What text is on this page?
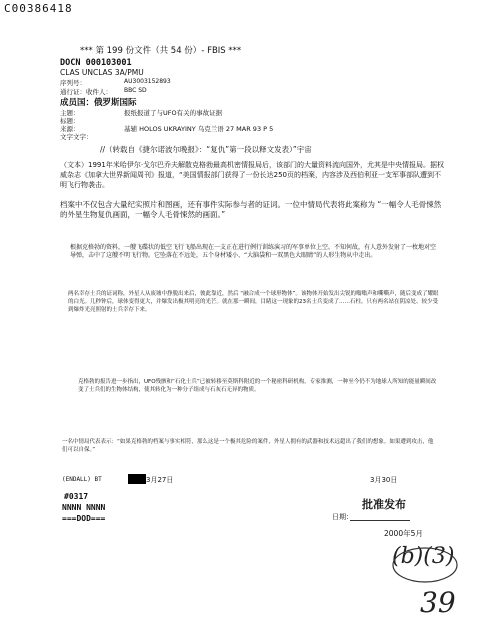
C00386418
*** 第 199 份文件（共 54 份）- FBIS ***
DOCN 000103001
CLAS UNCLAS 3A/PMU
序列号：	AU3003152893
通行证：收件人： BBC SD
成员国：俄罗斯国际
主题：	报纸报道了与UFO有关的事故证据
标题：
来源：	基辅 HOLOS UKRAYINY 乌克兰语 27 MAR 93 P 5
文字文字：
//（转载自《捷尔诺波尔晚报》：“复仇”第一段以释文发表）”宇宙
（文本）1991年米哈伊尔·戈尔巴乔夫解散克格勃最高机密情报局后，该部门的大量资料流向国外，尤其是中央情报局。据权威杂志《加拿大世界新闻周刊》报道，“美国情报部门获得了一份长达250页的档案，内容涉及西伯利亚一支军事部队遭到不明飞行物袭击。
档案中不仅包含大量纪实照片和图画，还有事件实际参与者的证词。一位中情局代表将此案称为 “一幅令人毛骨悚然的外星生物复仇画面，一幅令人毛骨悚然的画面。”
根据克格勃的资料，一艘飞碟状的低空飞行飞船出现在一支正在进行例行训练演习的军事单位上空。不知何故，有人意外发射了一枚地对空导弹，击中了这艘不明飞行物。它坠落在不远处，五个身材矮小、“大脑袋和一双黑色大眼睛”的人形生物从中走出。
两名幸存士兵的证词称，外星人从废墟中挣脱出来后，彼此靠近，然后 “融合成一个球形物体”。该物体开始发出尖锐的嗡嗡声和嘶嘶声，随后变成了耀眼的白光。几秒钟后，球体变得更大，并爆发出极其明亮的光芒。就在那一瞬间，目睹这一现象的23名士兵变成了……石柱。只有两名站在阴凉处、较少受到爆炸光亮照射的士兵幸存下来。
克格勃的报告进一步指出，UFO残骸和“石化士兵”已被转移至莫斯科附近的一个秘密科研机构。专家推测，一种至今仍不为地球人所知的能量瞬间改变了士兵们的生物体结构，使其转化为一种分子组成与石灰石无异的物质。
一名中情局代表表示：“如果克格勃的档案与事实相符，那么这是一个极其危险的案件，外星人拥有的武器和技术远超出了我们的想象。如果遭到攻击，他们可以自保。”
(ENDALL) BT	3月27日	3月30日
#0317
NNNN NNNN
===DOD===
批准发布
日期：
2000年5月
(b)(3)
39
